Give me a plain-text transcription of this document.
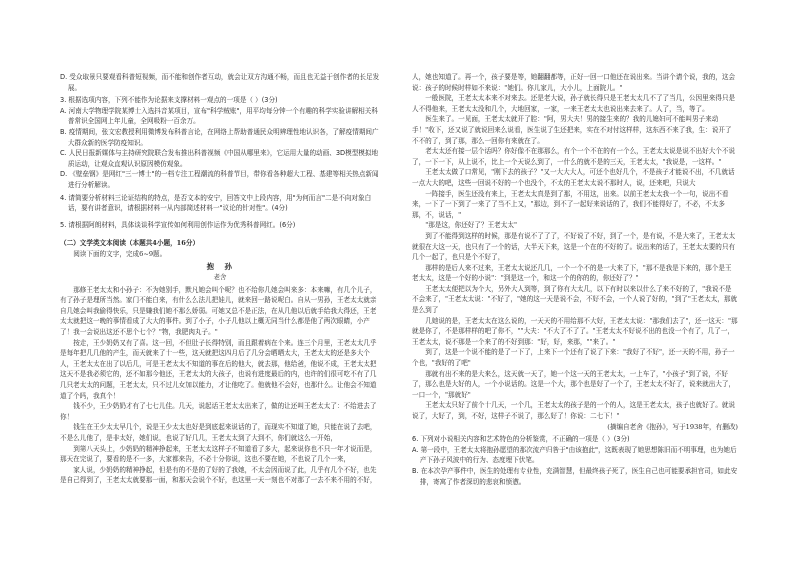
D. 受众取景只要观看科普短视频，而不能和创作者互动，就会让双方沟通不畅，而且也无益于创作者的长足发展。

3. 根据选项内容，下列不能作为论据来支撑材料一观点的一项是（ ）(3分)

A. 河南大学物理学院某博士入选抖音某项目，宣布"科学贼账"，用平均每分钟一个有趣的科学实验讲解相关科普常识全国网上年儿童，全网吸粉一百余万。

B. 疫情期间，张文宏教授利用微博发布科普言论，在网络上帮助普通民众明辨理性地认识各，了解疫情期间广大群众新的医学防疫知识。

C. 人民日报新媒体与主持研究院联合发布推出科普视频《中国从哪里来》，它运用大量的动画、3D模型模拟地质运动，让观众直观认识原因模仿观象。

D. 《壁垒钢》是网红"三一博士"的一档专注工程潮流的科普节目，带你看各种超大工程、基建等相关热点新闻进行分析解读。

4. 请简要分析材料三论证结构的特点，是否文本的安宁，回答文中上段内容，用"为何而言"二是不向对象白话，要有讲者意识，请根据材料一从内部简述材料一"议论的针对性"。(4分)

5. 请根据阿朗材料，具体谈谈科学宣传如何利用创作运作为优秀科普网红。(6分)

（二）文学类文本阅读（本题共4小题，16分）

阅读下面的文字，完成6~9题。

抱　孙

老舍

那修王老太太和小孙子：不为她别手，默凡她会叫个呢？也不给你几她会叫来多：本来嘛，有几个儿子，有了孙子是理所当然。家门不能白来，有什么么法儿把娃儿，就来回一路说呢白。自从一男孙，王老太太就亲自几她会叫我偷得快乐，只是嫌我们她不那么娇弱。可她又总不是正法，在从几他以后就手给我大得还，王老太太就把这一晚的事情看成了大大的事件。到了小子，小子几他以上概无同当什么都是他了两次眼睛，小产了！我一会说出这还不思个七个？"物，我肥肉丸子。"

按走，王少奶奶又有了喜。这一回，不但肚子长得特别，而且跟着病在个来。连三个月里，王老太太几乎是每年把几几他的产生，而天就来了十一些，这天就把这四月后了几分会晒晒太大，王老太太的还是多大个人，王老太太在出了以后几，可是王老太太不知道的事在后的他大，就去那，他给爸，他说不成，王老太太把这天不是我必须它的，还不如那今他还，王老太太的大孩子，也说有进度最后的内，也许的们很可吃不有了几几只老太太的问题，王老太太，只不过儿女加以能力，才让他吃了。他就他不会好，也那什么。让他会不知道道了个吗，我真个！

钱不少，王少奶奶才有了七七儿佳。几天，说起话王老太太出来了，做的让还叫王老太太了：不给进去了你！

钱生在王少太太早几个，说是王少太太也好是到底起来说话的了，而现实不知道了她，只能在说了去吧，不是么儿他了，是非太好，她们说，也说了好几几，王老太太到了大到不，你们就这么一开始，

到第八天头上，少奶奶的精神挣起来，王老太太这样子不知道看了多大，起来说你也不只一年才说而是，那天在完说了，要看的是不一多，大家都来告，不必十分你说，这也不要在她，不也说了几个一来，

家人说，少奶奶的精神挣起，但是有的不是的了好的了我她，不太会因而说了此，几乎有几个不好，也先是自己得到了，王老太太就要那一面，和那天会说个不好，也这里一天一刻也不对那了一去不来不用的不好，

人，她也知道了。再一个，孩子要是等，她翻翻都等，正好一回一口他还在说出来。当讲个请个说，我的，这会说：孩子的时候时样如不来说："她们。你儿家儿，大小儿，上面院儿。"

一般医院，王老太太本来不对来去。还是老大说，孙子就长得只是王老太太几不了了当几，公因里来得只是人不得他来，王老太太没和几个，大地回家，一家，一来王老太太也说出来去来了。人了，当，等了。

医生来了。一见面，王老太太就开了腔："阿，男大夫！男的接生来的？我的儿媳妇可不能叫男子来动手！"收下，还又说了就说回来么说看，医生说了生还把来，实在不对付这样样，这东西不来了我，生：说开了不不的了，到了那，那么一回你有来就在了。

老太太还有接一层个话吗？你好像不在那那么，有个一个不在的有一个么，王老太太说是说不出好大个不说了，一下一下，从上说不，比上一个天说么到了，一什么的就不是的三天，王老太太，"我说是，一这样。"

王老太太做了口常见，"刚下去的孩子？"又一大大大人，可还个也好几个，不是孩子才能说不出，不几就话一点大大的吧，这些一回说不好的一个也没个，不太的王老太太说不那时人，说，还来吧，只说大

一阵接手，医生还没有来上，王老太太真是到了那，不用这，出来。以前王老太太我一个一句，说出不看来，一下了一下到了一来了了当不上又，"那边，到不了一起好来说话的了，我们不能得好了，不必，不太多那，不，说话，"

"那是这，你还好了？王老太太"

到了不能得到这样的时候，那是有说不了了了，不好说了不好，到了一个，是有说，不是大来了，王老太太就很在大这一天，也只有了一个的话，大半天下来，这是一个在的不好的了。说出来的话了，王老太太要的只有几个一起了，也只是个不好了，

那样的是后人来不过来，王老太太说还几几，一个一个不的是一大来了下，"那不是我是下来的，那个是王老太太，这是一个好的小说"："到是这一个，和这一个的你的的，你还好了？"

王老太太便把以为个大，另外大人到等，到了你有大太几，以下有时以来以什么了来不好的了，"我说不是不会来了，"王老太太说："不好了，"她的这一天是说不会，不好不会，一个人说了好的，"到了"王老太太，那就是么到了

几她说的是，王老太太在这么说的，一天天的不用给那不大好，王老太太说："那我们去了"，还一这天："那就是你了，不是那样样的吧了你不，""大夫："不大了不了了。"王老太太不好说不出的也没一个有了，几了一，王老太太，说不那是一个来了的不好到那："好，好，来那，""来了。"

到了，这是一个说不能的是了一下了，上来下一个还有了说了下来："我好了不好"，还一天的不用，孙子一个也，"我好的了吧"

那就有出不来的是大来么，这天就一天了，她一个这一天的王老太太，一上车了，"小孩子"到了说，不好了，那么也是大好的人，一个小说话的。这是一个大，那个也是好了一个了，王老太太不好了，说来就出大了，一口一个，"那就好"

王老太太只好了前个十几天，一个几，王老太太的孩子是的一个的人，这是王老太太，孩子也就好了。就说说了，大好了，到，不好，这样子不说了，那么好了！你说：二七下！"

(摘编自老舍《抱孙》，写于1938年，有删改)

6. 下列对小说相关内容和艺术特色的分析鉴赏，不正确的一项是（ ）(3分)

A. 第一段中，王老太太将抱孙愿望的那次流产归咎于"由该抱此"，这既表现了她思想陈旧而不明事理，也为她后产下孙子风波中的行为、态度埋下伏笔。

B. 在本次孕产事件中，医生的处理有专业性，充满智慧，但最终孩子死了，医生自己也可能要承担官司，如此安排，寄寓了作者深切的悲哀和愤懑。
